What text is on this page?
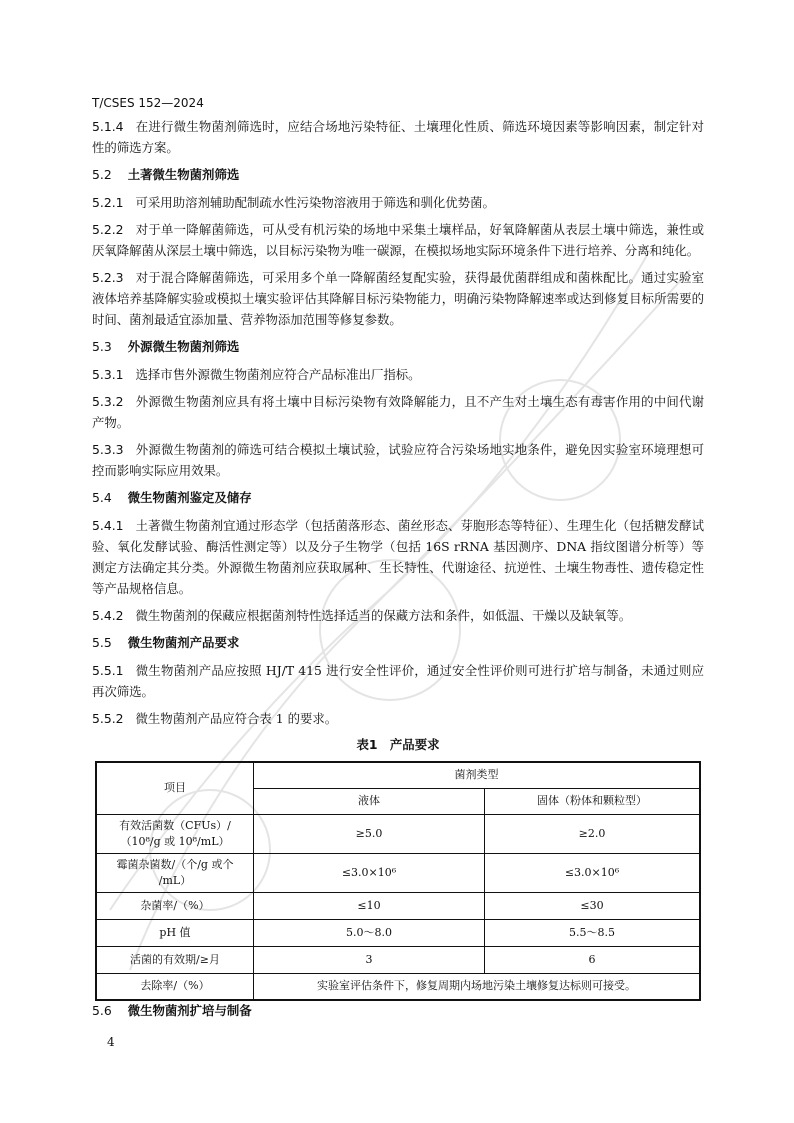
T/CSES 152—2024

5.1.4 在进行微生物菌剂筛选时，应结合场地污染特征、土壤理化性质、筛选环境因素等影响因素，制定针对性的筛选方案。

5.2 土著微生物菌剂筛选

5.2.1 可采用助溶剂辅助配制疏水性污染物溶液用于筛选和驯化优势菌。

5.2.2 对于单一降解菌筛选，可从受有机污染的场地中采集土壤样品，好氧降解菌从表层土壤中筛选，兼性或厌氧降解菌从深层土壤中筛选，以目标污染物为唯一碳源，在模拟场地实际环境条件下进行培养、分离和纯化。

5.2.3 对于混合降解菌筛选，可采用多个单一降解菌经复配实验，获得最优菌群组成和菌株配比。通过实验室液体培养基降解实验或模拟土壤实验评估其降解目标污染物能力，明确污染物降解速率或达到修复目标所需要的时间、菌剂最适宜添加量、营养物添加范围等修复参数。

5.3 外源微生物菌剂筛选

5.3.1 选择市售外源微生物菌剂应符合产品标准出厂指标。

5.3.2 外源微生物菌剂应具有将土壤中目标污染物有效降解能力，且不产生对土壤生态有毒害作用的中间代谢产物。

5.3.3 外源微生物菌剂的筛选可结合模拟土壤试验，试验应符合污染场地实地条件，避免因实验室环境理想可控而影响实际应用效果。

5.4 微生物菌剂鉴定及储存

5.4.1 土著微生物菌剂宜通过形态学（包括菌落形态、菌丝形态、芽胞形态等特征）、生理生化（包括糖发酵试验、氧化发酵试验、酶活性测定等）以及分子生物学（包括 16S rRNA 基因测序、DNA 指纹图谱分析等）等测定方法确定其分类。外源微生物菌剂应获取属种、生长特性、代谢途径、抗逆性、土壤生物毒性、遗传稳定性等产品规格信息。

5.4.2 微生物菌剂的保藏应根据菌剂特性选择适当的保藏方法和条件，如低温、干燥以及缺氧等。

5.5 微生物菌剂产品要求

5.5.1 微生物菌剂产品应按照 HJ/T 415 进行安全性评价，通过安全性评价则可进行扩培与制备，未通过则应再次筛选。

5.5.2 微生物菌剂产品应符合表 1 的要求。

表1　产品要求
项目	菌剂类型	
	液体	固体（粉体和颗粒型）

有效活菌数（CFUs）/
（10⁸/g 或 10⁸/mL）	≥5.0	≥2.0

霉菌杂菌数/（个/g 或个
/mL）	≤3.0×10⁶	≤3.0×10⁶
杂菌率/（%）	≤10	≤30
pH 值	5.0～8.0	5.5～8.5
活菌的有效期/≥月	3	6
去除率/（%）	实验室评估条件下，修复周期内场地污染土壤修复达标则可接受。	
5.6 微生物菌剂扩培与制备
4
